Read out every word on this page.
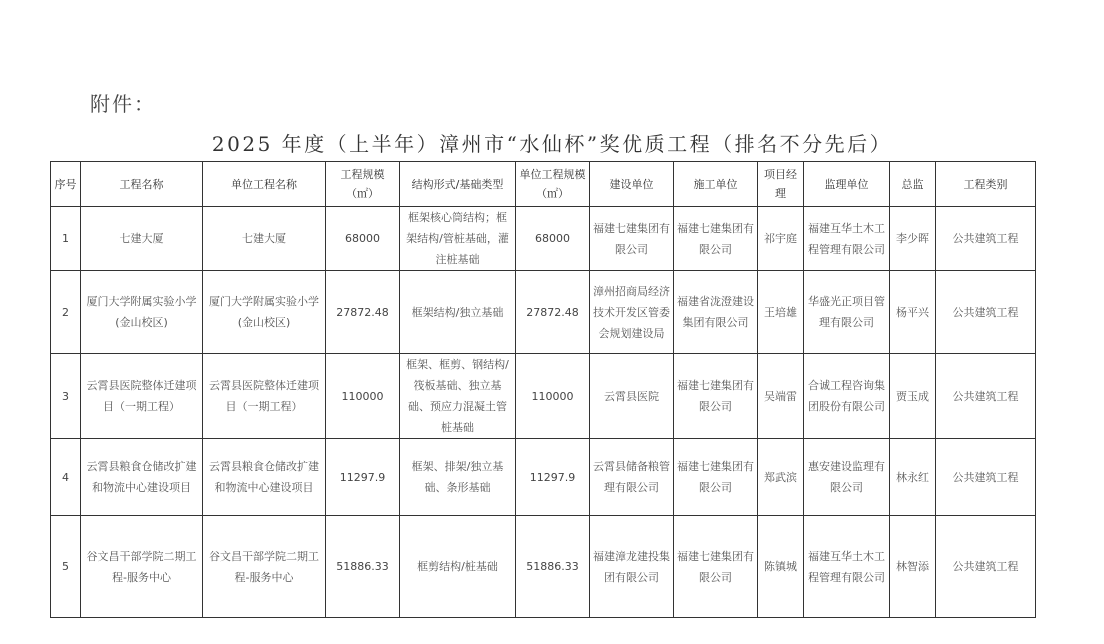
附件：
2025 年度（上半年）漳州市“水仙杯”奖优质工程（排名不分先后）
序号	工程名称	单位工程名称	工程规模（㎡）	结构形式/基础类型	单位工程规模（㎡）	建设单位	施工单位	项目经理	监理单位	总监	工程类别
1	七建大厦	七建大厦	68000	框架核心筒结构；框架结构/管桩基础，灌注桩基础	68000	福建七建集团有限公司	福建七建集团有限公司	祁宇庭	福建互华土木工程管理有限公司	李少晖	公共建筑工程
2	厦门大学附属实验小学(金山校区)	厦门大学附属实验小学(金山校区)	27872.48	框架结构/独立基础	27872.48	漳州招商局经济技术开发区管委会规划建设局	福建省泷澄建设集团有限公司	王培雄	华盛光正项目管理有限公司	杨平兴	公共建筑工程
3	云霄县医院整体迁建项目（一期工程）	云霄县医院整体迁建项目（一期工程）	110000	框架、框剪、钢结构/筏板基础、独立基础、预应力混凝土管桩基础	110000	云霄县医院	福建七建集团有限公司	吴端雷	合诚工程咨询集团股份有限公司	贾玉成	公共建筑工程
4	云霄县粮食仓储改扩建和物流中心建设项目	云霄县粮食仓储改扩建和物流中心建设项目	11297.9	框架、排架/独立基础、条形基础	11297.9	云霄县储备粮管理有限公司	福建七建集团有限公司	郑武滨	惠安建设监理有限公司	林永红	公共建筑工程
5	谷文昌干部学院二期工程-服务中心	谷文昌干部学院二期工程-服务中心	51886.33	框剪结构/桩基础	51886.33	福建漳龙建投集团有限公司	福建七建集团有限公司	陈镇城	福建互华土木工程管理有限公司	林智添	公共建筑工程
